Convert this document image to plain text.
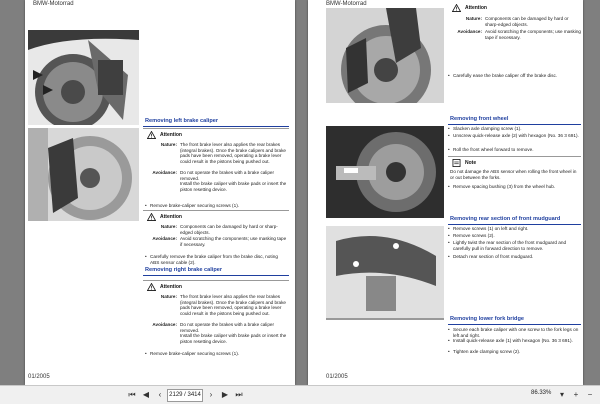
BMW-Motorrad
Removing left brake caliper
Attention
Nature: The front brake lever also applies the rear brakes (integral brakes). Once the brake calipers and brake pads have been removed, operating a brake lever could result in the pistons being pushed out.
Avoidance: Do not operate the brakes with a brake caliper removed.
Install the brake caliper with brake pads or insert the piston resetting device.
• Remove brake-caliper securing screws (1).
Attention
Nature: Components can be damaged by hard or sharp-edged objects.
Avoidance: Avoid scratching the components; use masking tape if necessary.
• Carefully remove the brake caliper from the brake disc, noting ABS sensor cable (2).
Removing right brake caliper
Attention
Nature: The front brake lever also applies the rear brakes (integral brakes). Once the brake calipers and brake pads have been removed, operating a brake lever could result in the pistons being pushed out.
Avoidance: Do not operate the brakes with a brake caliper removed.
Install the brake caliper with brake pads or insert the piston resetting device.
• Remove brake-caliper securing screws (1).
01/2005
BMW-Motorrad
Attention
Nature: Components can be damaged by hard or sharp-edged objects.
Avoidance: Avoid scratching the components; use masking tape if necessary.
• Carefully ease the brake caliper off the brake disc.
Removing front wheel
• Slacken axle clamping screw (1).
• Unscrew quick-release axle (2) with hexagon (No. 36 3 691).
• Roll the front wheel forward to remove.
Note
Do not damage the ABS sensor when rolling the front wheel in or out between the forks.
• Remove spacing bushing (3) from the wheel hub.
Removing rear section of front mudguard
• Remove screws (1) on left and right.
• Remove screws (2).
• Lightly twist the rear section of the front mudguard and carefully pull in forward direction to remove.
• Detach rear section of front mudguard.
Removing lower fork bridge
• Secure each brake caliper with one screw to the fork legs on left and right.
• Install quick-release axle (1) with hexagon (No. 36 3 691).
• Tighten axle clamping screw (2).
01/2005
⏮ ◀	‹	2129 / 3414	›	▶ ⏭	86.33%	▾	+	−
